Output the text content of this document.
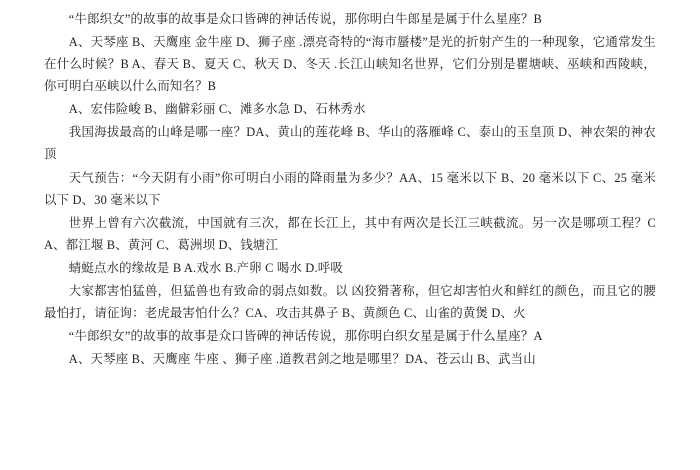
“牛郎织女”的故事的故事是众口皆碑的神话传说，那你明白牛郎星是属于什么星座？B

A、天琴座 B、天鹰座 金牛座 D、狮子座 .漂亮奇特的“海市蜃楼”是光的折射产生的一种现象，它通常发生在什么时候？B A、春天 B、夏天 C、秋天 D、冬天 .长江山峡知名世界，它们分别是瞿塘峡、巫峡和西陵峡，你可明白巫峡以什么而知名？B

A、宏伟险峻 B、幽僻彩丽 C、滩多水急 D、石林秀水

我国海拔最高的山峰是哪一座？DA、黄山的莲花峰 B、华山的落雁峰 C、泰山的玉皇顶 D、神农架的神农顶

天气预告：“今天阴有小雨”你可明白小雨的降雨量为多少？AA、15 毫米以下 B、20 毫米以下 C、25 毫米以下 D、30 毫米以下

世界上曾有六次截流，中国就有三次，都在长江上，其中有两次是长江三峡截流。另一次是哪项工程？CA、都江堰 B、黄河 C、葛洲坝 D、钱塘江

蜻蜓点水的缘故是 B A.戏水 B.产卵 C 喝水 D.呼吸

大家都害怕猛兽，但猛兽也有致命的弱点如数。以 凶狡猾著称，但它却害怕火和鲜红的颜色，而且它的腰最怕打，请征询：老虎最害怕什么？CA、攻击其鼻子 B、黄颜色 C、山雀的黄煲 D、火

“牛郎织女”的故事的故事是众口皆碑的神话传说，那你明白织女星是属于什么星座？A

A、天琴座 B、天鹰座 牛座 、狮子座 .道教君剑之地是哪里？DA、苍云山 B、武当山
